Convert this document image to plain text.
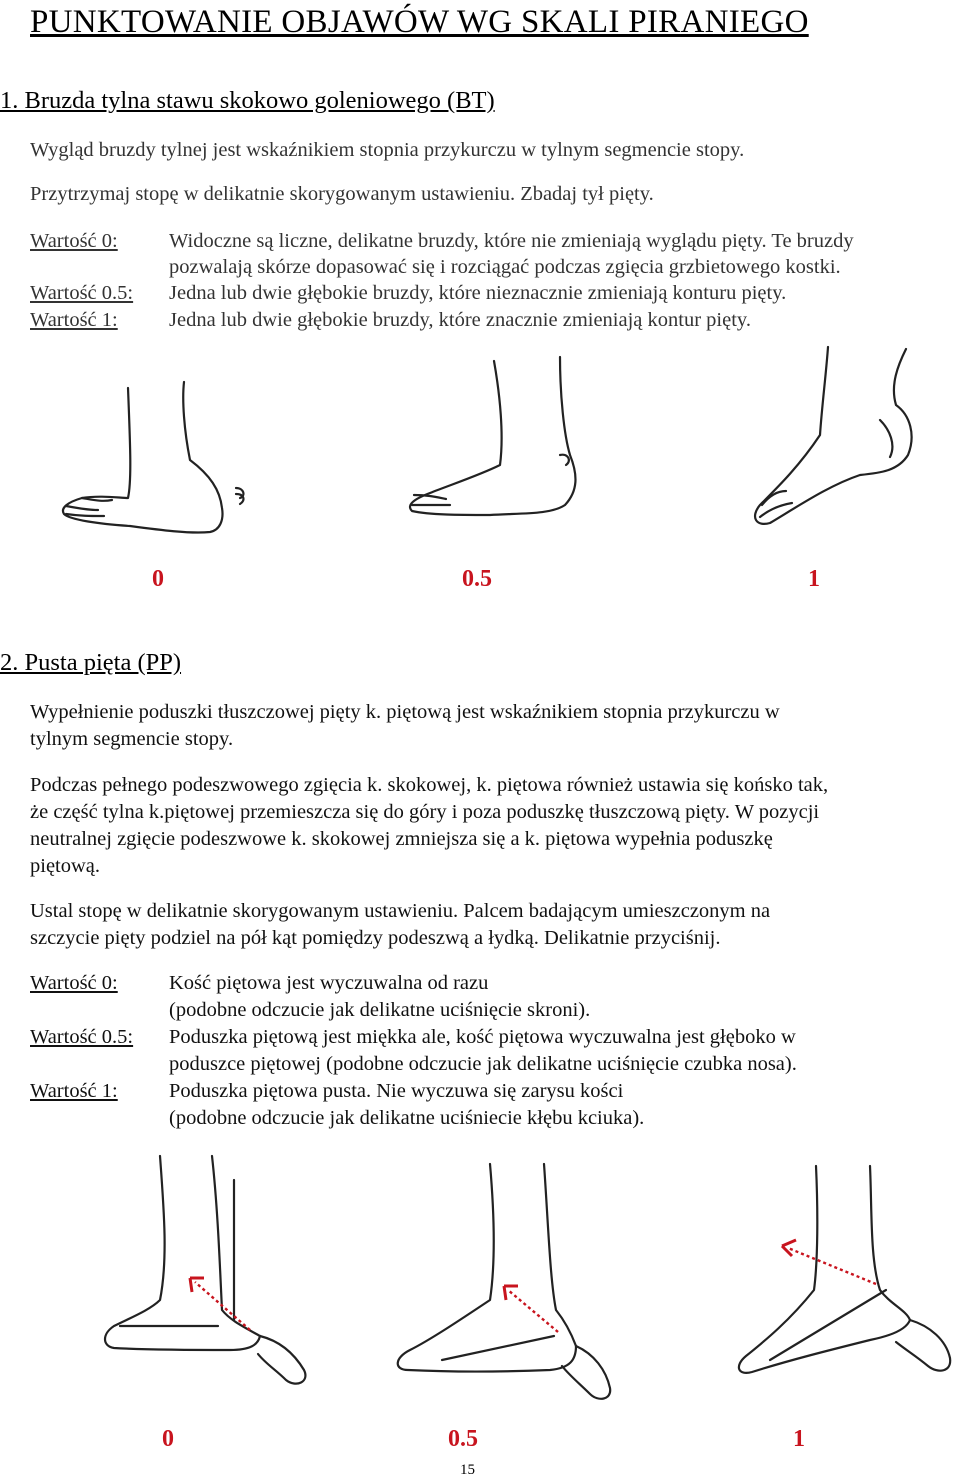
PUNKTOWANIE OBJAWÓW WG SKALI PIRANIEGO
1. Bruzda tylna stawu skokowo goleniowego (BT)
Wygląd bruzdy tylnej jest wskaźnikiem stopnia przykurczu w tylnym segmencie stopy.
Przytrzymaj stopę w delikatnie skorygowanym ustawieniu. Zbadaj tył pięty.
Wartość 0:	Widoczne są liczne, delikatne bruzdy, które nie zmieniają wyglądu pięty. Te bruzdy
pozwalają skórze dopasować się i rozciągać podczas zgięcia grzbietowego kostki.
Wartość 0.5: Jedna lub dwie głębokie bruzdy, które nieznacznie zmieniają konturu pięty.
Wartość 1:	Jedna lub dwie głębokie bruzdy, które znacznie zmieniają kontur pięty.
0	0.5	1
2. Pusta pięta (PP)
Wypełnienie poduszki tłuszczowej pięty k. piętową jest wskaźnikiem stopnia przykurczu w
tylnym segmencie stopy.
Podczas pełnego podeszwowego zgięcia k. skokowej, k. piętowa również ustawia się końsko tak,
że część tylna k.piętowej przemieszcza się do góry i poza poduszkę tłuszczową pięty. W pozycji
neutralnej zgięcie podeszwowe k. skokowej zmniejsza się a k. piętowa wypełnia poduszkę
piętową.
Ustal stopę w delikatnie skorygowanym ustawieniu. Palcem badającym umieszczonym na
szczycie pięty podziel na pół kąt pomiędzy podeszwą a łydką. Delikatnie przyciśnij.
Wartość 0:	Kość piętowa jest wyczuwalna od razu
(podobne odczucie jak delikatne uciśnięcie skroni).
Wartość 0.5: Poduszka piętową jest miękka ale, kość piętowa wyczuwalna jest głęboko w
poduszce piętowej (podobne odczucie jak delikatne uciśnięcie czubka nosa).
Wartość 1:	Poduszka piętowa pusta. Nie wyczuwa się zarysu kości
(podobne odczucie jak delikatne uciśniecie kłębu kciuka).
0	0.5	1
15
